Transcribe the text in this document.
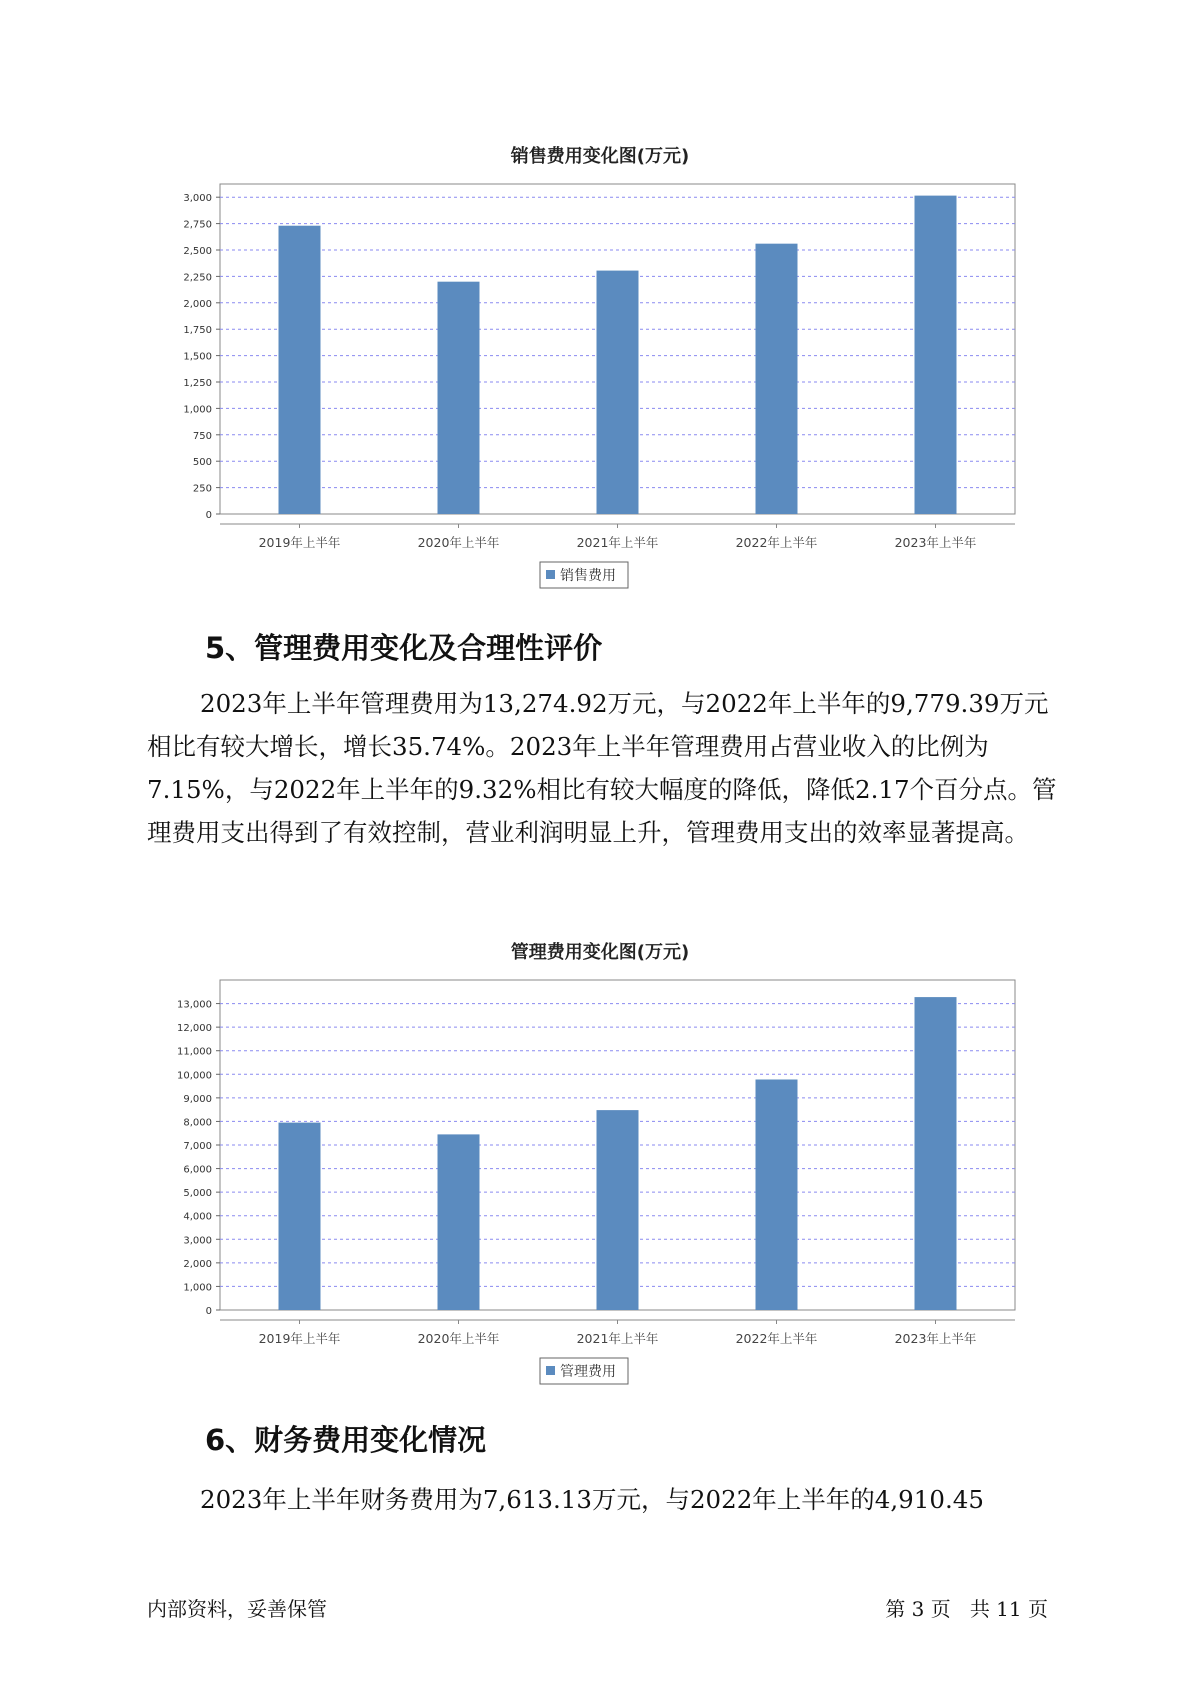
销售费用变化图(万元)
0
250
500
750
1,000
1,250
1,500
1,750
2,000
2,250
2,500
2,750
3,000
2019年上半年	2020年上半年	2021年上半年	2022年上半年	2023年上半年
销售费用
5、管理费用变化及合理性评价

2023年上半年管理费用为13,274.92万元，与2022年上半年的9,779.39万元相比有较大增长，增长35.74%。2023年上半年管理费用占营业收入的比例为7.15%，与2022年上半年的9.32%相比有较大幅度的降低，降低2.17个百分点。管理费用支出得到了有效控制，营业利润明显上升，管理费用支出的效率显著提高。

管理费用变化图(万元)
0
1,000
2,000
3,000
4,000
5,000
6,000
7,000
8,000
9,000
10,000
11,000
12,000
13,000
2019年上半年	2020年上半年	2021年上半年	2022年上半年	2023年上半年
管理费用
6、财务费用变化情况

2023年上半年财务费用为7,613.13万元，与2022年上半年的4,910.45

内部资料，妥善保管	第 3 页   共 11 页
